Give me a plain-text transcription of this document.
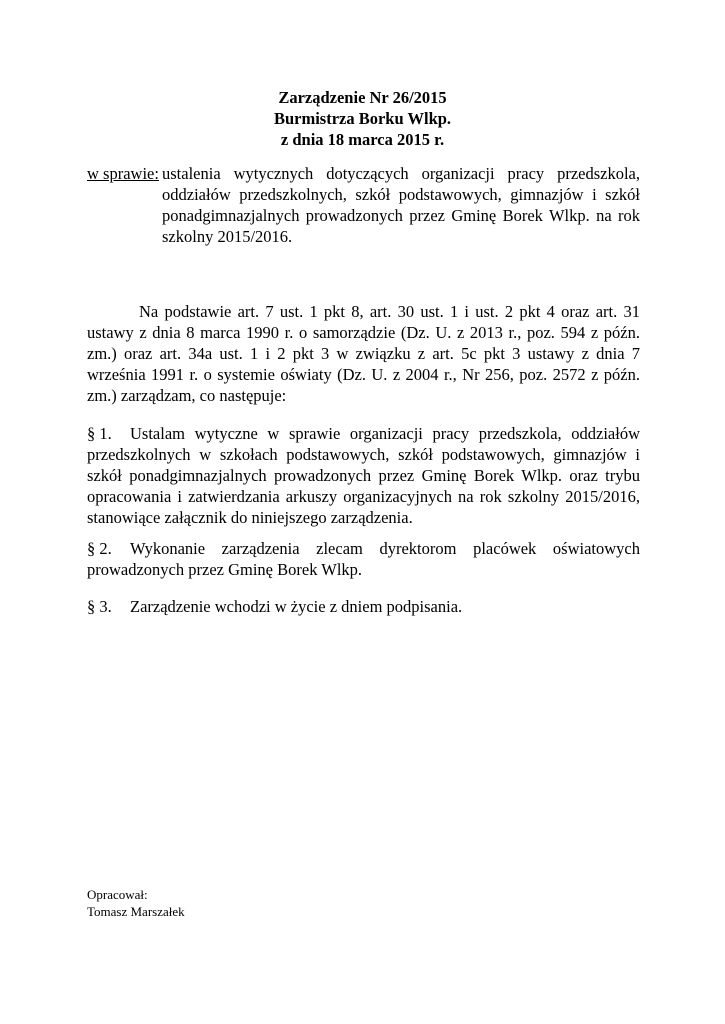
Zarządzenie Nr 26/2015
Burmistrza Borku Wlkp.
z dnia 18 marca 2015 r.
w sprawie: ustalenia wytycznych dotyczących organizacji pracy przedszkola, oddziałów przedszkolnych, szkół podstawowych, gimnazjów i szkół ponadgimnazjalnych prowadzonych przez Gminę Borek Wlkp. na rok szkolny 2015/2016.
Na podstawie art. 7 ust. 1 pkt 8, art. 30 ust. 1 i ust. 2 pkt 4 oraz art. 31 ustawy z dnia 8 marca 1990 r. o samorządzie (Dz. U. z 2013 r., poz. 594 z późn. zm.) oraz art. 34a ust. 1 i 2 pkt 3 w związku z art. 5c pkt 3 ustawy z dnia 7 września 1991 r. o systemie oświaty (Dz. U. z 2004 r., Nr 256, poz. 2572 z późn. zm.) zarządzam, co następuje:
§ 1. Ustalam wytyczne w sprawie organizacji pracy przedszkola, oddziałów przedszkolnych w szkołach podstawowych, szkół podstawowych, gimnazjów i szkół ponadgimnazjalnych prowadzonych przez Gminę Borek Wlkp. oraz trybu opracowania i zatwierdzania arkuszy organizacyjnych na rok szkolny 2015/2016, stanowiące załącznik do niniejszego zarządzenia.
§ 2. Wykonanie zarządzenia zlecam dyrektorom placówek oświatowych prowadzonych przez Gminę Borek Wlkp.
§ 3. Zarządzenie wchodzi w życie z dniem podpisania.
Opracował:
Tomasz Marszałek
